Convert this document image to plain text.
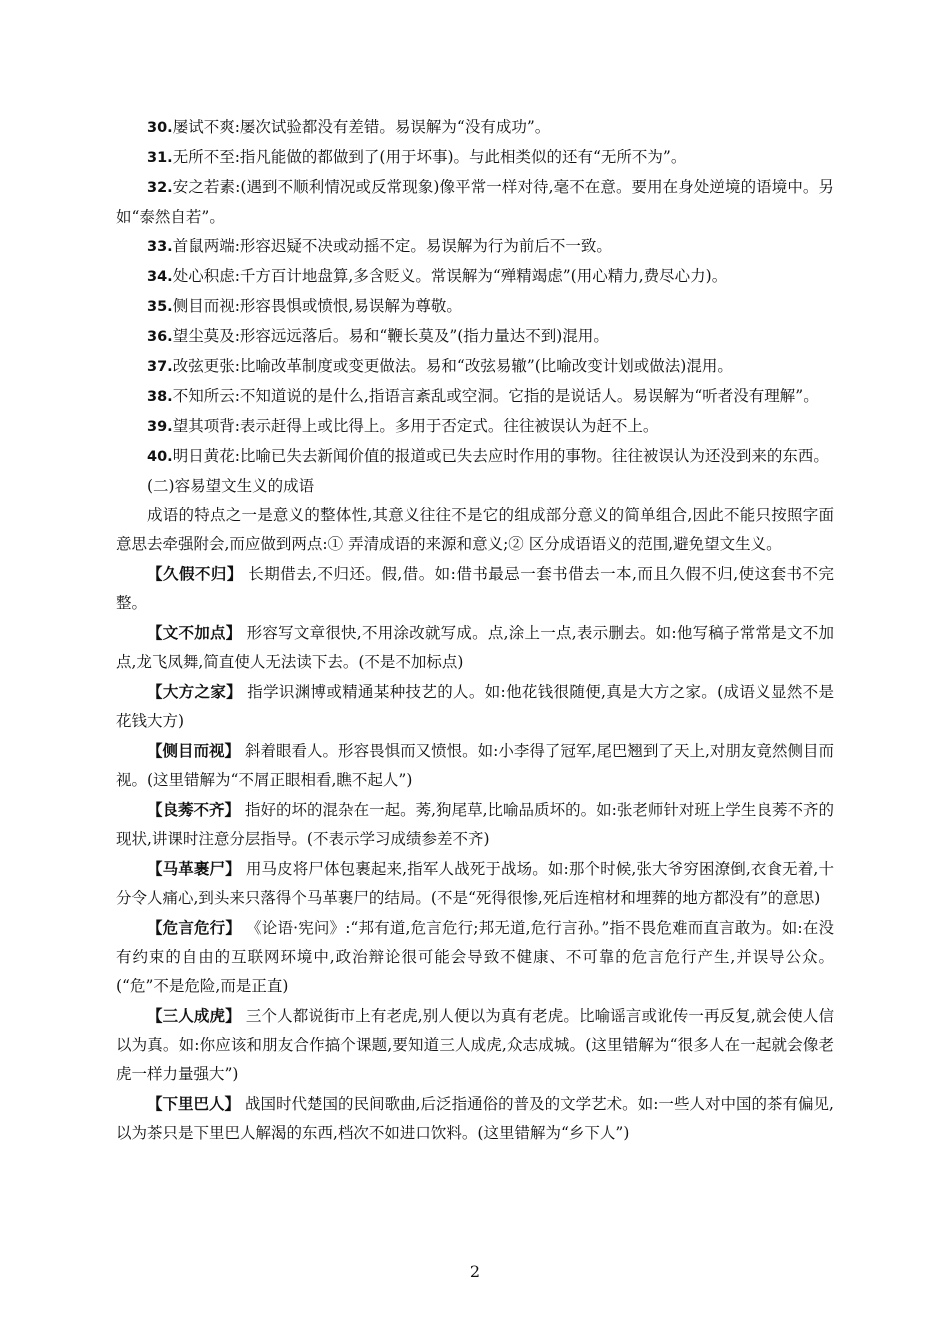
30.屡试不爽:屡次试验都没有差错。易误解为“没有成功”。

31.无所不至:指凡能做的都做到了(用于坏事)。与此相类似的还有“无所不为”。

32.安之若素:(遇到不顺利情况或反常现象)像平常一样对待,毫不在意。要用在身处逆境的语境中。另如“泰然自若”。

33.首鼠两端:形容迟疑不决或动摇不定。易误解为行为前后不一致。

34.处心积虑:千方百计地盘算,多含贬义。常误解为“殚精竭虑”(用心精力,费尽心力)。

35.侧目而视:形容畏惧或愤恨,易误解为尊敬。

36.望尘莫及:形容远远落后。易和“鞭长莫及”(指力量达不到)混用。

37.改弦更张:比喻改革制度或变更做法。易和“改弦易辙”(比喻改变计划或做法)混用。

38.不知所云:不知道说的是什么,指语言紊乱或空洞。它指的是说话人。易误解为“听者没有理解”。

39.望其项背:表示赶得上或比得上。多用于否定式。往往被误认为赶不上。

40.明日黄花:比喻已失去新闻价值的报道或已失去应时作用的事物。往往被误认为还没到来的东西。

(二)容易望文生义的成语

成语的特点之一是意义的整体性,其意义往往不是它的组成部分意义的简单组合,因此不能只按照字面意思去牵强附会,而应做到两点:① 弄清成语的来源和意义;② 区分成语语义的范围,避免望文生义。

【久假不归】 长期借去,不归还。假,借。如:借书最忌一套书借去一本,而且久假不归,使这套书不完整。

【文不加点】 形容写文章很快,不用涂改就写成。点,涂上一点,表示删去。如:他写稿子常常是文不加点,龙飞凤舞,简直使人无法读下去。(不是不加标点)

【大方之家】 指学识渊博或精通某种技艺的人。如:他花钱很随便,真是大方之家。(成语义显然不是花钱大方)

【侧目而视】 斜着眼看人。形容畏惧而又愤恨。如:小李得了冠军,尾巴翘到了天上,对朋友竟然侧目而视。(这里错解为“不屑正眼相看,瞧不起人”)

【良莠不齐】 指好的坏的混杂在一起。莠,狗尾草,比喻品质坏的。如:张老师针对班上学生良莠不齐的现状,讲课时注意分层指导。(不表示学习成绩参差不齐)

【马革裹尸】 用马皮将尸体包裹起来,指军人战死于战场。如:那个时候,张大爷穷困潦倒,衣食无着,十分令人痛心,到头来只落得个马革裹尸的结局。(不是“死得很惨,死后连棺材和埋葬的地方都没有”的意思)

【危言危行】 《论语·宪问》:“邦有道,危言危行;邦无道,危行言孙。”指不畏危难而直言敢为。如:在没有约束的自由的互联网环境中,政治辩论很可能会导致不健康、不可靠的危言危行产生,并误导公众。(“危”不是危险,而是正直)

【三人成虎】 三个人都说街市上有老虎,别人便以为真有老虎。比喻谣言或讹传一再反复,就会使人信以为真。如:你应该和朋友合作搞个课题,要知道三人成虎,众志成城。(这里错解为“很多人在一起就会像老虎一样力量强大”)

【下里巴人】 战国时代楚国的民间歌曲,后泛指通俗的普及的文学艺术。如:一些人对中国的茶有偏见,以为茶只是下里巴人解渴的东西,档次不如进口饮料。(这里错解为“乡下人”)

2
